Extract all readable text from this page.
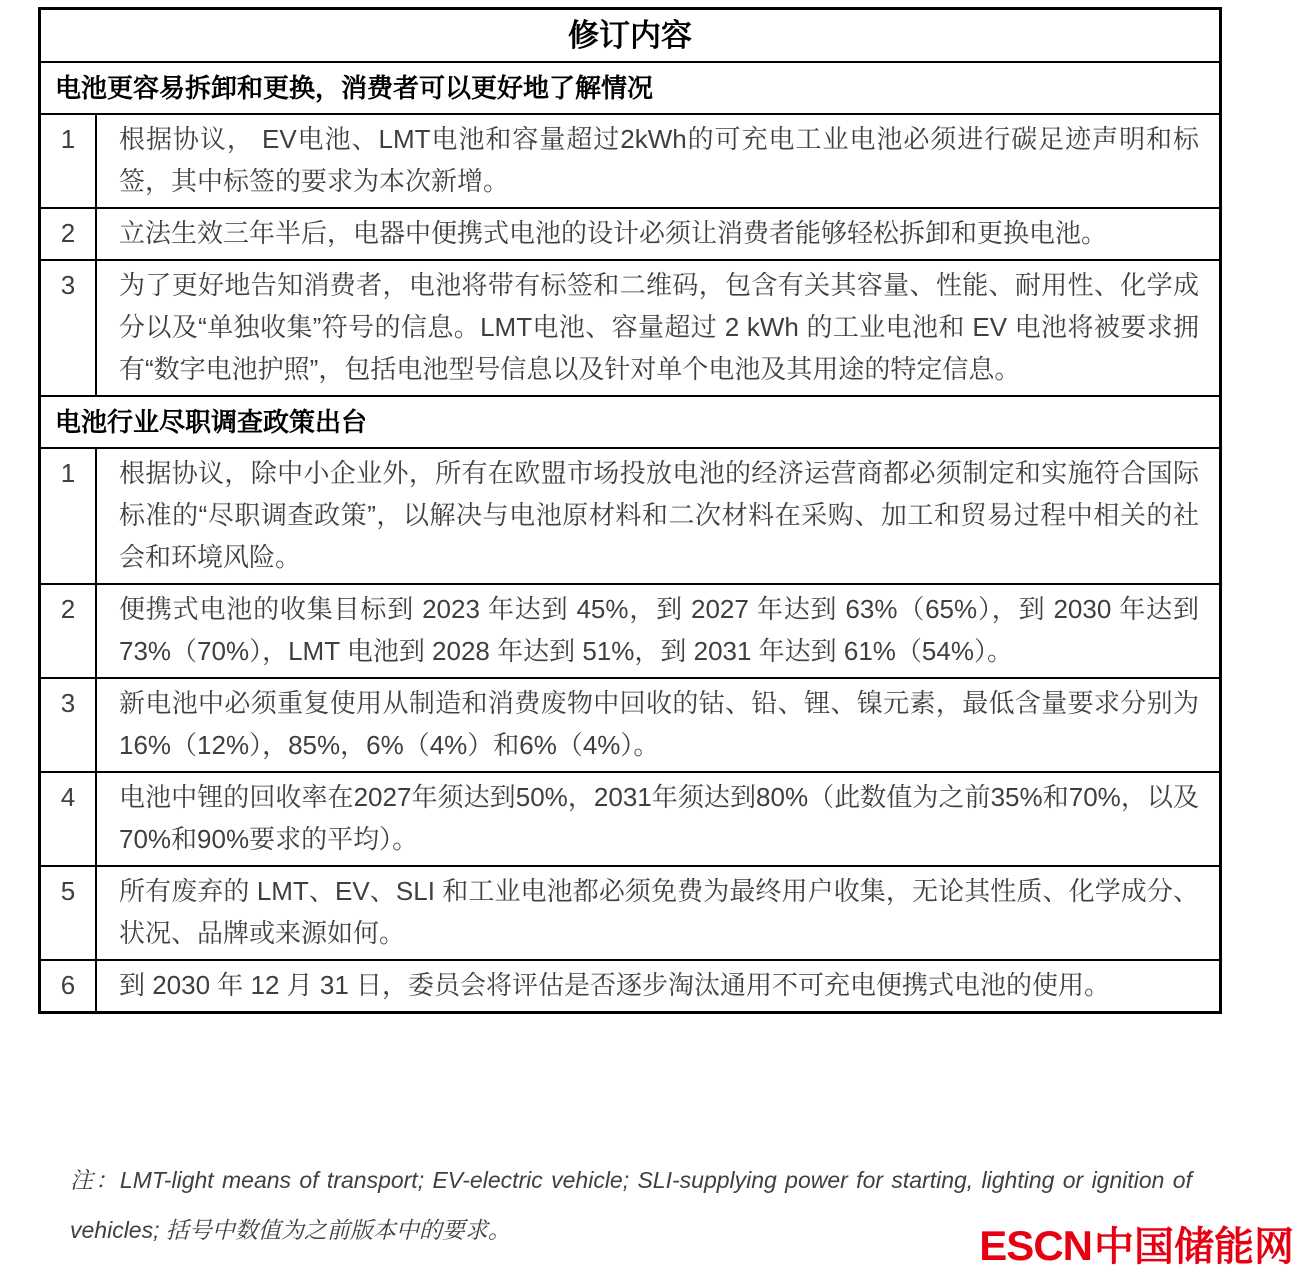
修订内容
电池更容易拆卸和更换，消费者可以更好地了解情况
1	根据协议， EV电池、LMT电池和容量超过2kWh的可充电工业电池必须进行碳足迹声明和标签，其中标签的要求为本次新增。
2	立法生效三年半后，电器中便携式电池的设计必须让消费者能够轻松拆卸和更换电池。
3	为了更好地告知消费者，电池将带有标签和二维码，包含有关其容量、性能、耐用性、化学成分以及“单独收集”符号的信息。LMT电池、容量超过 2 kWh 的工业电池和 EV 电池将被要求拥有“数字电池护照”，包括电池型号信息以及针对单个电池及其用途的特定信息。
电池行业尽职调查政策出台
1	根据协议，除中小企业外，所有在欧盟市场投放电池的经济运营商都必须制定和实施符合国际标准的“尽职调查政策”，以解决与电池原材料和二次材料在采购、加工和贸易过程中相关的社会和环境风险。
2	便携式电池的收集目标到 2023 年达到 45%，到 2027 年达到 63%（65%），到 2030 年达到 73%（70%），LMT 电池到 2028 年达到 51%，到 2031 年达到 61%（54%）。
3	新电池中必须重复使用从制造和消费废物中回收的钴、铅、锂、镍元素，最低含量要求分别为16%（12%），85%，6%（4%）和6%（4%）。
4	电池中锂的回收率在2027年须达到50%，2031年须达到80%（此数值为之前35%和70%，以及70%和90%要求的平均）。
5	所有废弃的 LMT、EV、SLI 和工业电池都必须免费为最终用户收集，无论其性质、化学成分、状况、品牌或来源如何。
6	到 2030 年 12 月 31 日，委员会将评估是否逐步淘汰通用不可充电便携式电池的使用。
注：LMT-light means of transport; EV-electric vehicle; SLI-supplying power for starting, lighting or ignition of vehicles; 括号中数值为之前版本中的要求。	ESCN中国储能网
